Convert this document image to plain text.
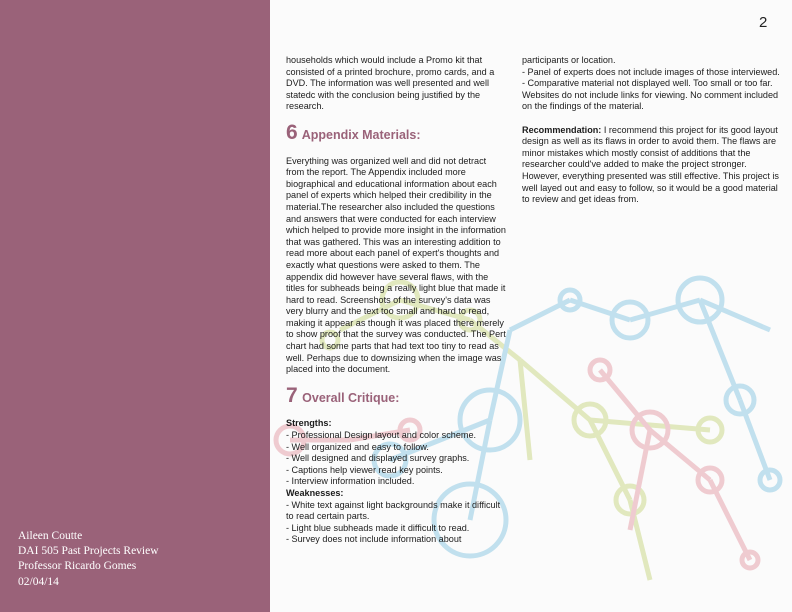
Aileen Coutte
DAI 505 Past Projects Review
Professor Ricardo Gomes
02/04/14
2

households which would include a Promo kit that consisted of a printed brochure, promo cards, and a DVD. The information was well presented and well statedc with the conclusion being justified by the research.

6 Appendix Materials:

Everything was organized well and did not detract from the report. The Appendix included more biographical and educational information about each panel of experts which helped their credibility in the material.The researcher also included the questions and answers that were conducted for each interview which helped to provide more insight in the information that was gathered. This was an interesting addition to read more about each panel of expert's thoughts and exactly what questions were asked to them. The appendix did however have several flaws, with the titles for subheads being a really light blue that made it hard to read. Screenshots of the survey's data was very blurry and the text too small and hard to read, making it appear as though it was placed there merely to show proof that the survey was conducted. The Pert chart had some parts that had text too tiny to read as well. Perhaps due to downsizing when the image was placed into the document.

7 Overall Critique:
Strengths:
- Professional Design layout and color scheme.
- Well organized and easy to follow.
- Well designed and displayed survey graphs.
- Captions help viewer read key points.
- Interview information included.
Weaknesses:
- White text against light backgrounds make it difficult to read certain parts.
- Light blue subheads made it difficult to read.
- Survey does not include information about
participants or location.
- Panel of experts does not include images of those interviewed.
- Comparative material not displayed well. Too small or too far. Websites do not include links for viewing. No comment included on the findings of the material.

Recommendation: I recommend this project for its good layout design as well as its flaws in order to avoid them. The flaws are minor mistakes which mostly consist of additions that the researcher could've added to make the project stronger. However, everything presented was still effective. This project is well layed out and easy to follow, so it would be a good material to review and get ideas from.
